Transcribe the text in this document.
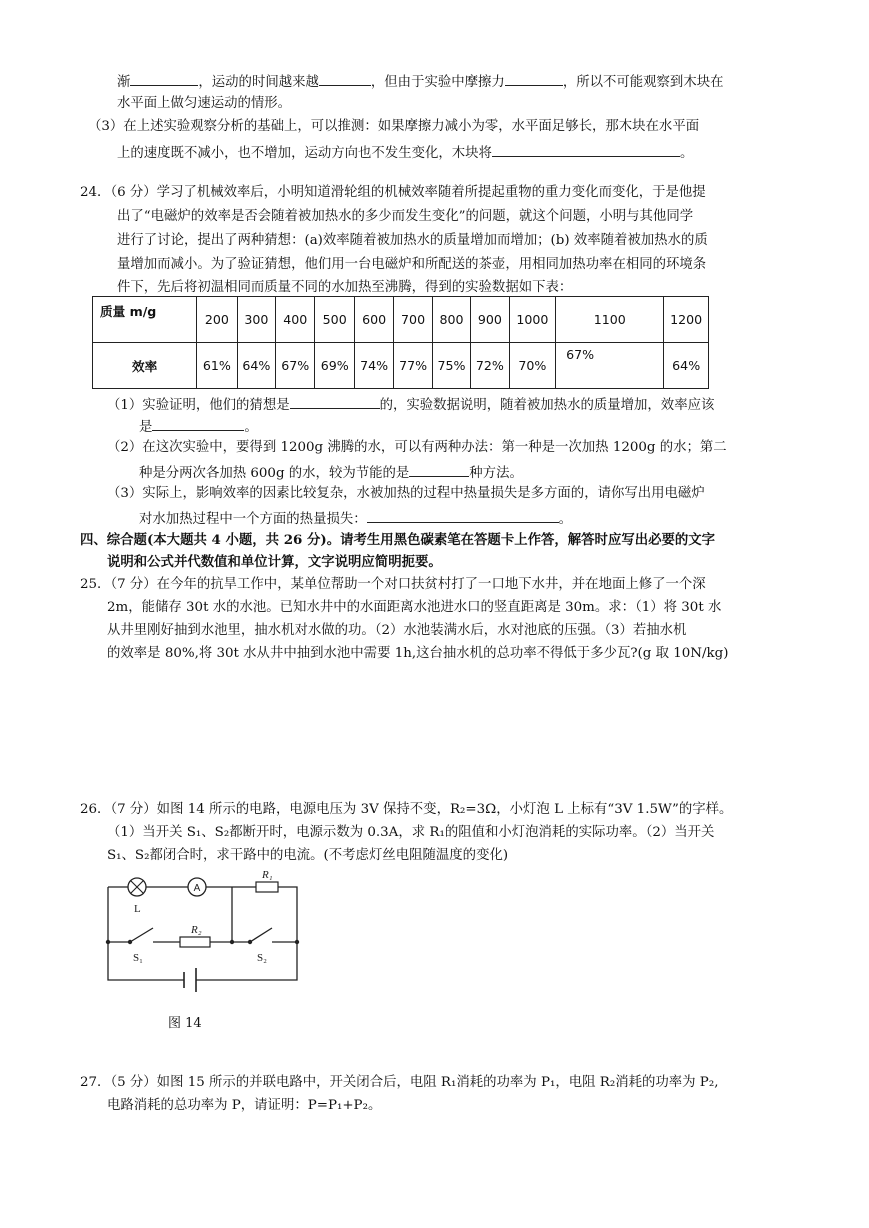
渐	，运动的时间越来越	，但由于实验中摩擦力	，所以不可能观察到木块在
水平面上做匀速运动的情形。
（3）在上述实验观察分析的基础上，可以推测：如果摩擦力减小为零，水平面足够长，那木块在水平面
上的速度既不减小，也不增加，运动方向也不发生变化，木块将	。
24．（6 分）学习了机械效率后，小明知道滑轮组的机械效率随着所提起重物的重力变化而变化，于是他提
出了“电磁炉的效率是否会随着被加热水的多少而发生变化”的问题，就这个问题，小明与其他同学
进行了讨论，提出了两种猜想：(a)效率随着被加热水的质量增加而增加；(b) 效率随着被加热水的质
量增加而减小。为了验证猜想，他们用一台电磁炉和所配送的茶壶，用相同加热功率在相同的环境条
件下，先后将初温相同而质量不同的水加热至沸腾，得到的实验数据如下表：
质量 m/g	200	300	400	500	600	700	800	900	1000	1100	1200
效率	61%	64%	67%	69%	74%	77%	75%	72%	70%	67%	64%
（1）实验证明，他们的猜想是	的，实验数据说明，随着被加热水的质量增加，效率应该
是	。
（2）在这次实验中，要得到 1200g 沸腾的水，可以有两种办法：第一种是一次加热 1200g 的水；第二
种是分两次各加热 600g 的水，较为节能的是	种方法。
（3）实际上，影响效率的因素比较复杂，水被加热的过程中热量损失是多方面的，请你写出用电磁炉
对水加热过程中一个方面的热量损失：	。
四、综合题(本大题共 4 小题，共 26 分)。请考生用黑色碳素笔在答题卡上作答，解答时应写出必要的文字
说明和公式并代数值和单位计算，文字说明应简明扼要。
25．（7 分）在今年的抗旱工作中，某单位帮助一个对口扶贫村打了一口地下水井，并在地面上修了一个深
2m，能储存 30t 水的水池。已知水井中的水面距离水池进水口的竖直距离是 30m。求：（1）将 30t 水
从井里刚好抽到水池里，抽水机对水做的功。（2）水池装满水后，水对池底的压强。（3）若抽水机
的效率是 80%,将 30t 水从井中抽到水池中需要 1h,这台抽水机的总功率不得低于多少瓦?(g 取 10N/kg)
26．（7 分）如图 14 所示的电路，电源电压为 3V 保持不变，R₂=3Ω，小灯泡 L 上标有“3V 1.5W”的字样。
（1）当开关 S₁、S₂都断开时，电源示数为 0.3A，求 R₁的阻值和小灯泡消耗的实际功率。（2）当开关
S₁、S₂都闭合时，求干路中的电流。(不考虑灯丝电阻随温度的变化)
A
L
R₁
R₂
S₁	S₂
图 14
27．（5 分）如图 15 所示的并联电路中，开关闭合后，电阻 R₁消耗的功率为 P₁，电阻 R₂消耗的功率为 P₂,
电路消耗的总功率为 P，请证明：P=P₁+P₂。
